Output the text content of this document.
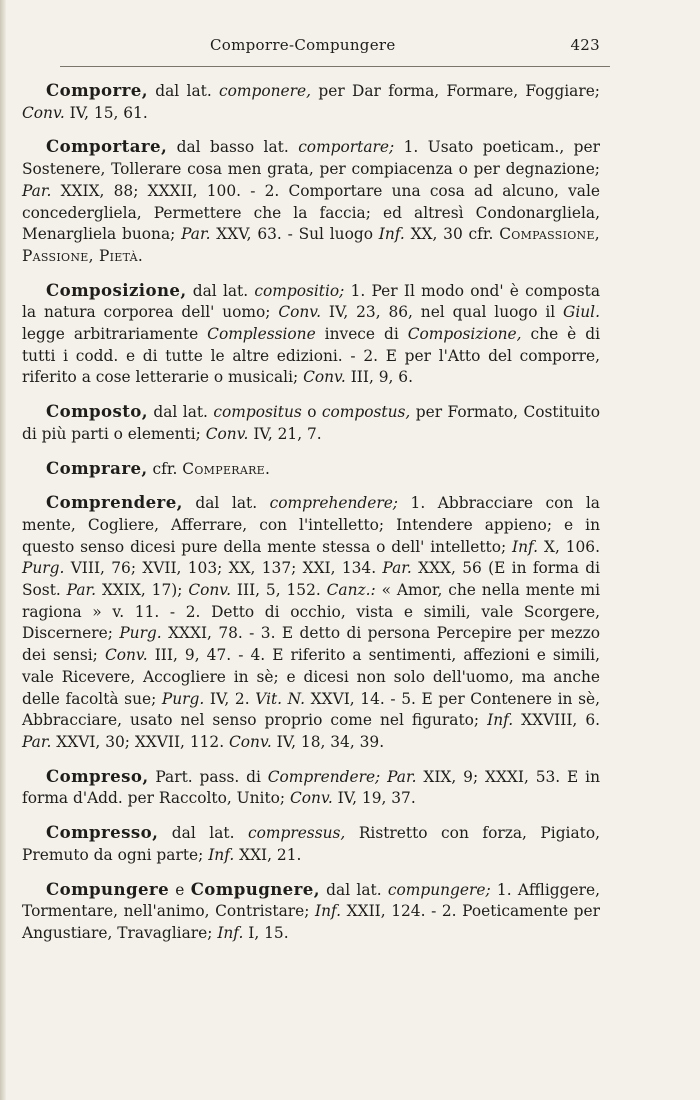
Comporre-Compungere	423

Comporre, dal lat. componere, per Dar forma, Formare, Foggiare; Conv. IV, 15, 61.

Comportare, dal basso lat. comportare; 1. Usato poeticam., per Sostenere, Tollerare cosa men grata, per compiacenza o per degnazione; Par. XXIX, 88; XXXII, 100. - 2. Comportare una cosa ad alcuno, vale concedergliela, Permettere che la faccia; ed altresì Condonargliela, Menargliela buona; Par. XXV, 63. - Sul luogo Inf. XX, 30 cfr. Compassione, Passione, Pietà.

Composizione, dal lat. compositio; 1. Per Il modo ond' è composta la natura corporea dell' uomo; Conv. IV, 23, 86, nel qual luogo il Giul. legge arbitrariamente Complessione invece di Composizione, che è di tutti i codd. e di tutte le altre edizioni. - 2. E per l'Atto del comporre, riferito a cose letterarie o musicali; Conv. III, 9, 6.

Composto, dal lat. compositus o compostus, per Formato, Costituito di più parti o elementi; Conv. IV, 21, 7.

Comprare, cfr. Comperare.

Comprendere, dal lat. comprehendere; 1. Abbracciare con la mente, Cogliere, Afferrare, con l'intelletto; Intendere appieno; e in questo senso dicesi pure della mente stessa o dell' intelletto; Inf. X, 106. Purg. VIII, 76; XVII, 103; XX, 137; XXI, 134. Par. XXX, 56 (E in forma di Sost. Par. XXIX, 17); Conv. III, 5, 152. Canz.: « Amor, che nella mente mi ragiona » v. 11. - 2. Detto di occhio, vista e simili, vale Scorgere, Discernere; Purg. XXXI, 78. - 3. E detto di persona Percepire per mezzo dei sensi; Conv. III, 9, 47. - 4. E riferito a sentimenti, affezioni e simili, vale Ricevere, Accogliere in sè; e dicesi non solo dell'uomo, ma anche delle facoltà sue; Purg. IV, 2. Vit. N. XXVI, 14. - 5. E per Contenere in sè, Abbracciare, usato nel senso proprio come nel figurato; Inf. XXVIII, 6. Par. XXVI, 30; XXVII, 112. Conv. IV, 18, 34, 39.

Compreso, Part. pass. di Comprendere; Par. XIX, 9; XXXI, 53. E in forma d'Add. per Raccolto, Unito; Conv. IV, 19, 37.

Compresso, dal lat. compressus, Ristretto con forza, Pigiato, Premuto da ogni parte; Inf. XXI, 21.

Compungere e Compugnere, dal lat. compungere; 1. Affliggere, Tormentare, nell'animo, Contristare; Inf. XXII, 124. - 2. Poeticamente per Angustiare, Travagliare; Inf. I, 15.
